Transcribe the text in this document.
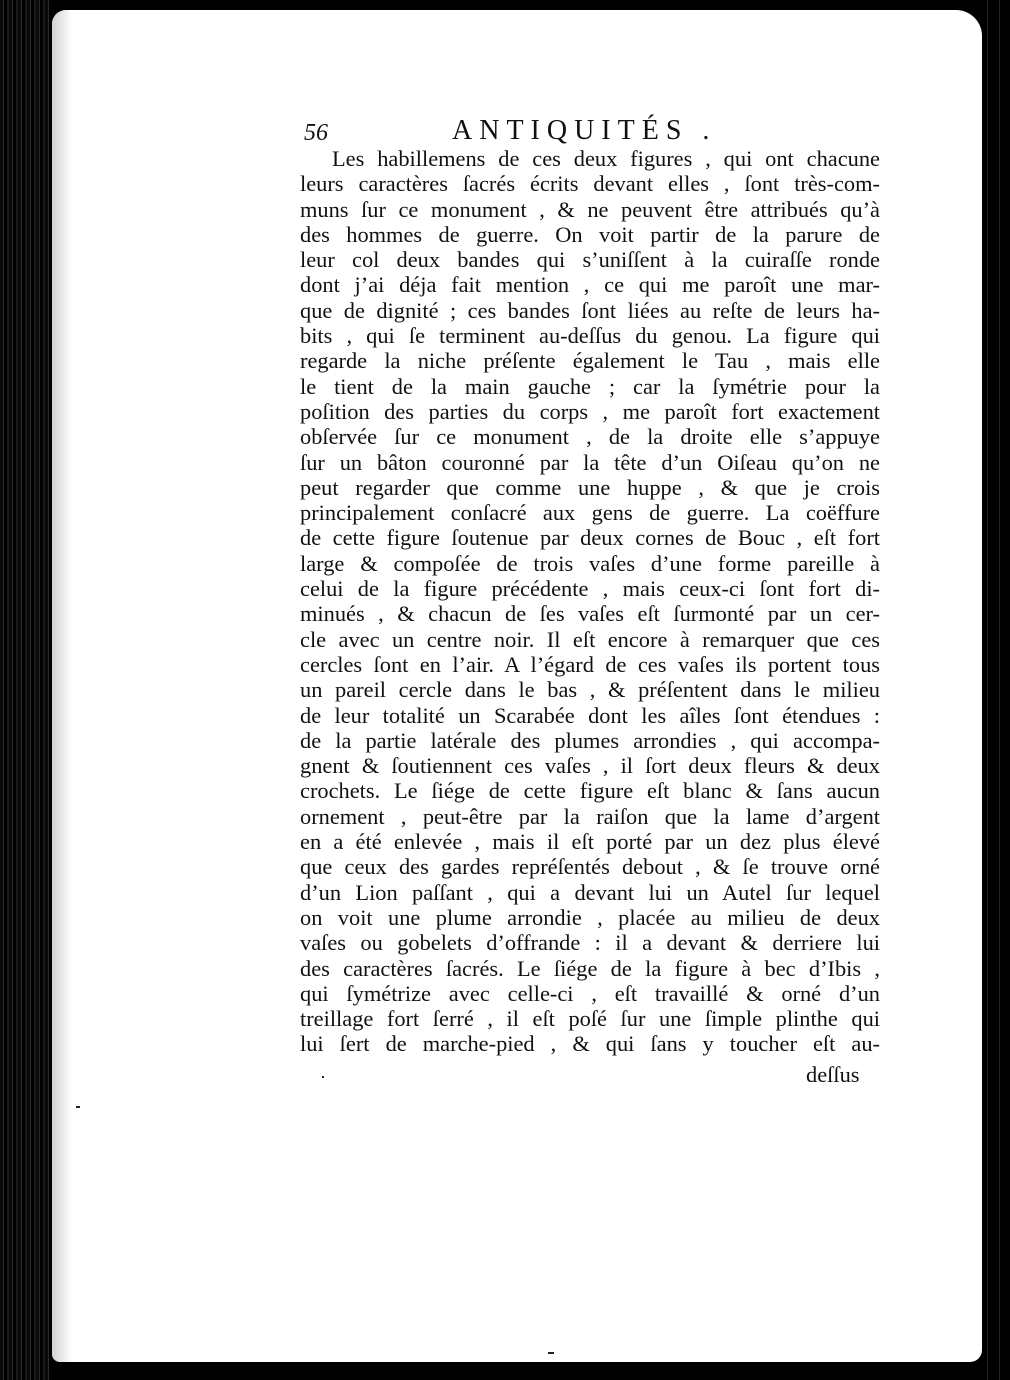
56	ANTIQUITÉS .
Les habillemens de ces deux figures , qui ont chacune
leurs caractères ſacrés écrits devant elles , ſont très-com-
muns ſur ce monument , & ne peuvent être attribués qu’à
des hommes de guerre. On voit partir de la parure de
leur col deux bandes qui s’uniſſent à la cuiraſſe ronde
dont j’ai déja fait mention , ce qui me paroît une mar-
que de dignité ; ces bandes ſont liées au reſte de leurs ha-
bits , qui ſe terminent au-deſſus du genou. La figure qui
regarde la niche préſente également le Tau , mais elle
le tient de la main gauche ; car la ſymétrie pour la
poſition des parties du corps , me paroît fort exactement
obſervée ſur ce monument , de la droite elle s’appuye
ſur un bâton couronné par la tête d’un Oiſeau qu’on ne
peut regarder que comme une huppe , & que je crois
principalement conſacré aux gens de guerre. La coëffure
de cette figure ſoutenue par deux cornes de Bouc , eſt fort
large & compoſée de trois vaſes d’une forme pareille à
celui de la figure précédente , mais ceux-ci ſont fort di-
minués , & chacun de ſes vaſes eſt ſurmonté par un cer-
cle avec un centre noir. Il eſt encore à remarquer que ces
cercles ſont en l’air. A l’égard de ces vaſes ils portent tous
un pareil cercle dans le bas , & préſentent dans le milieu
de leur totalité un Scarabée dont les aîles ſont étendues :
de la partie latérale des plumes arrondies , qui accompa-
gnent & ſoutiennent ces vaſes , il ſort deux fleurs & deux
crochets. Le ſiége de cette figure eſt blanc & ſans aucun
ornement , peut-être par la raiſon que la lame d’argent
en a été enlevée , mais il eſt porté par un dez plus élevé
que ceux des gardes repréſentés debout , & ſe trouve orné
d’un Lion paſſant , qui a devant lui un Autel ſur lequel
on voit une plume arrondie , placée au milieu de deux
vaſes ou gobelets d’offrande : il a devant & derriere lui
des caractères ſacrés. Le ſiége de la figure à bec d’Ibis ,
qui ſymétrize avec celle-ci , eſt travaillé & orné d’un
treillage fort ſerré , il eſt poſé ſur une ſimple plinthe qui
lui ſert de marche-pied , & qui ſans y toucher eſt au-
deſſus
